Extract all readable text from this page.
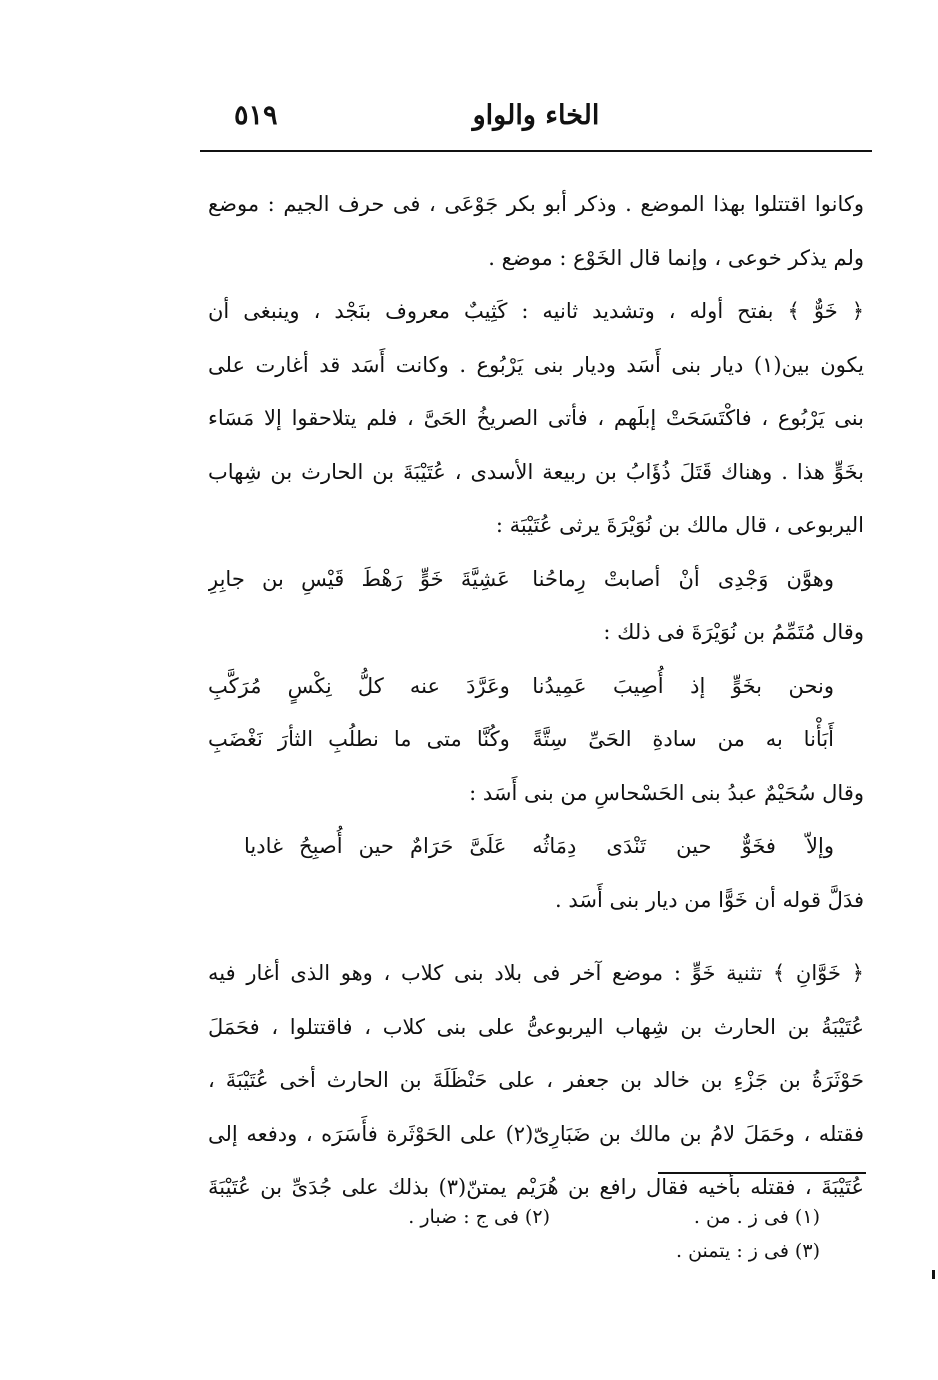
الخاء والواو
٥١٩
وكانوا اقتتلوا بهذا الموضع . وذكر أبو بكر جَوْعَى ، فى حرف الجيم : موضع
ولم يذكر خوعى ، وإنما قال الخَوْع : موضع .
﴿ خَوٌّ ﴾ بفتح أوله ، وتشديد ثانيه : كَثِيبٌ معروف بنَجْد ، وينبغى أن
يكون بين(١) ديار بنى أَسَد وديار بنى يَرْبُوع . وكانت أَسَد قد أغارت على
بنى يَرْبُوع ، فاكْتَسَحَتْ إبلَهم ، فأتى الصريخُ الحَىَّ ، فلم يتلاحقوا إلا مَسَاء
بخَوٍّ هذا . وهناك قَتَلَ ذُؤَابُ بن ربيعة الأسدى ، عُتَيْبَةَ بن الحارث بن شِهاب
اليربوعى ، قال مالك بن نُوَيْرَةَ يرثى عُتَيْبَة :
وهوَّن وَجْدِى أنْ أصابتْ رِماحُنا
عَشِيَّةَ خَوٍّ رَهْطَ قَيْسِ بن جابِرِ
وقال مُتَمِّمُ بن نُوَيْرَةَ فى ذلك :
ونحن بخَوٍّ إذ أُصِيبَ عَمِيدُنا
وعَرَّدَ عنه كلُّ نِكْسٍ مُرَكَّبِ
أَبَأْنا به من سادةِ الحَىِّ سِتَّةً
وكُنَّا متى ما نطلُبِ الثأرَ نَغْضَبِ
وقال سُحَيْمٌ عبدُ بنى الحَسْحاسِ من بنى أَسَد :
وإلاّ فخَوٌّ حين تَنْدَى دِمَاثُه
عَلَىَّ حَرَامٌ حين أُصبِحُ غاديا
فدَلَّ قوله أن خَوًّا من ديار بنى أَسَد .
﴿ خَوَّانِ ﴾ تثنية خَوٍّ : موضع آخر فى بلاد بنى كلاب ، وهو الذى أغار فيه
عُتَيْبَةُ بن الحارث بن شِهاب اليربوعىُّ على بنى كلاب ، فاقتتلوا ، فحَمَلَ
حَوْثَرَةُ بن جَزْءِ بن خالد بن جعفر ، على حَنْظَلَةَ بن الحارث أخى عُتَيْبَةَ ،
فقتله ، وحَمَلَ لامُ بن مالك بن ضَبَارِىّ(٢) على الحَوْثَرة فأَسَرَه ، ودفعه إلى
عُتَيْبَةَ ، فقتله بأخيه فقال رافع بن هُرَيْم يمتنّ(٣) بذلك على جُدَىِّ بن عُتَيْبَةَ
(١) فى ز . من .
(٢) فى ج : ضبار .
(٣) فى ز : يتمنن .
